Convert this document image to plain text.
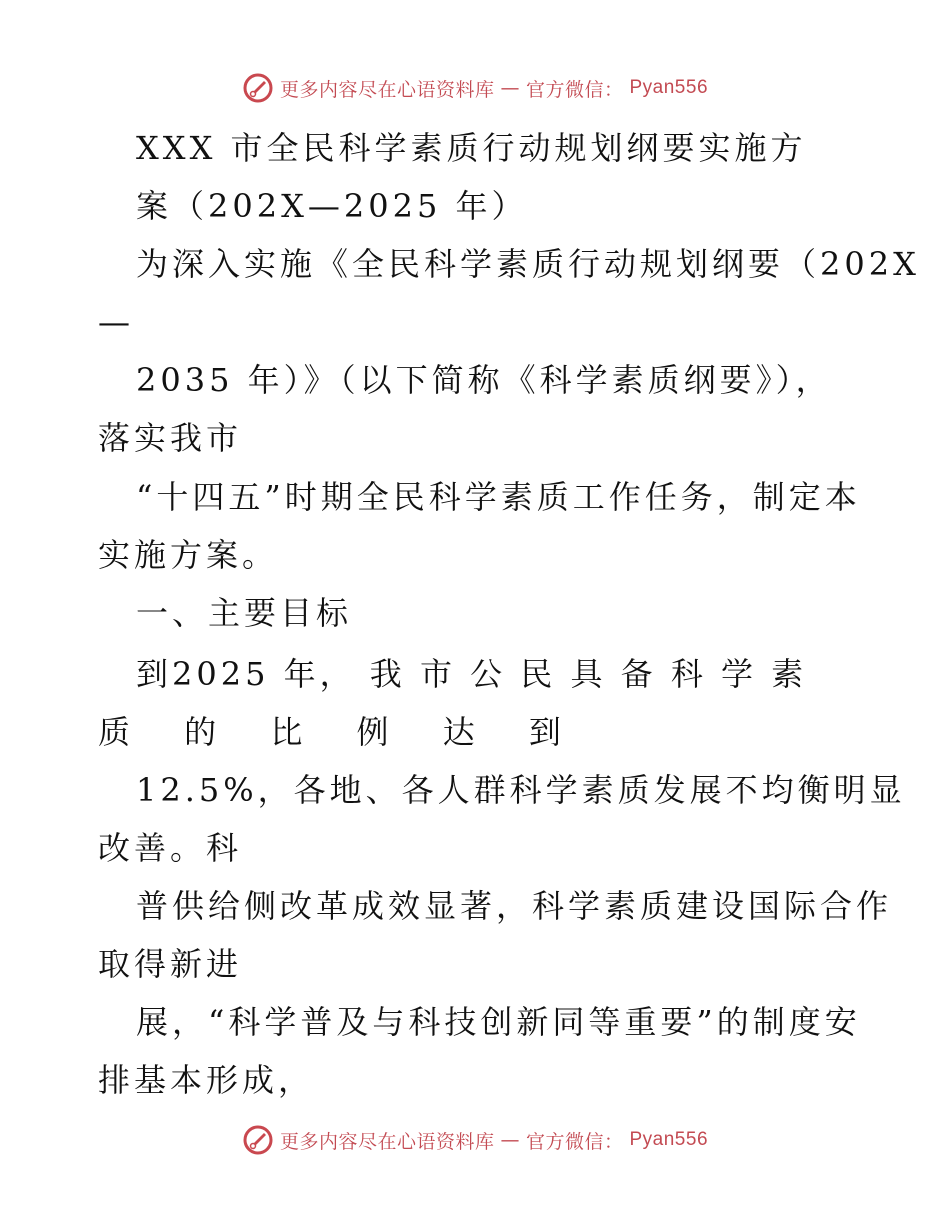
更多内容尽在心语资料库 — 官方微信： Pyan556
XXX 市全民科学素质行动规划纲要实施方
案（202X—2025 年）
为深入实施《全民科学素质行动规划纲要（202X
—
2035 年）》（以下简称《科学素质纲要》），
落实我市
“十四五”时期全民科学素质工作任务，制定本
实施方案。
一、主要目标
到2025 年， 我 市 公 民 具 备 科 学 素
质 的 比 例 达 到
12.5%，各地、各人群科学素质发展不均衡明显
改善。科
普供给侧改革成效显著，科学素质建设国际合作
取得新进
展，“科学普及与科技创新同等重要”的制度安
排基本形成，
更多内容尽在心语资料库 — 官方微信： Pyan556
